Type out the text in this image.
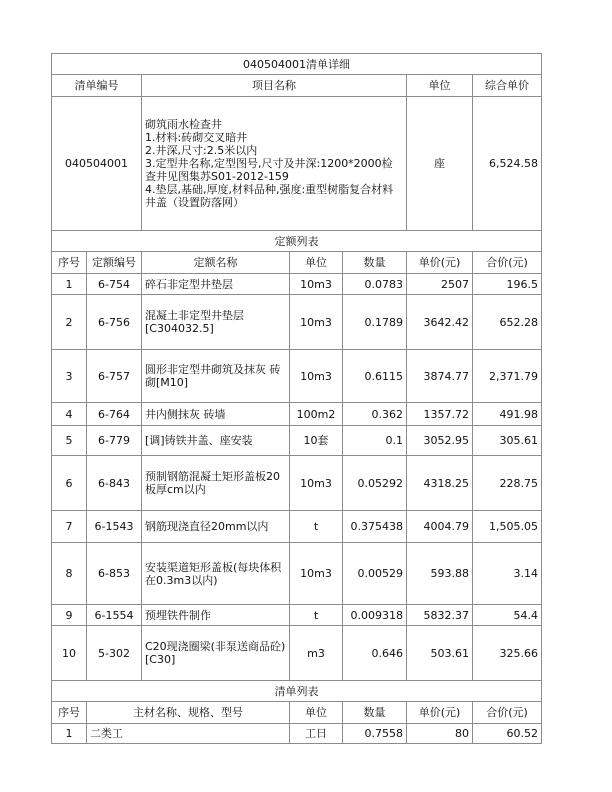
040504001清单详细						
清单编号		项目名称			单位	综合单价
040504001		砌筑雨水检查井
1.材料:砖砌交叉暗井
2.井深,尺寸:2.5米以内
3.定型井名称,定型图号,尺寸及井深:1200*2000检查井见图集苏S01-2012-159
4.垫层,基础,厚度,材料品种,强度:重型树脂复合材料井盖（设置防落网）			座	6,524.58
定额列表						
序号	定额编号	定额名称	单位	数量	单价(元)	合价(元)
1	6-754	碎石非定型井垫层	10m3	0.0783	2507	196.5
2	6-756	混凝土非定型井垫层[C304032.5]	10m3	0.1789	3642.42	652.28
3	6-757	圆形非定型井砌筑及抹灰 砖砌[M10]	10m3	0.6115	3874.77	2,371.79
4	6-764	井内侧抹灰 砖墙	100m2	0.362	1357.72	491.98
5	6-779	[调]铸铁井盖、座安装	10套	0.1	3052.95	305.61
6	6-843	预制钢筋混凝土矩形盖板20板厚cm以内	10m3	0.05292	4318.25	228.75
7	6-1543	钢筋现浇直径20mm以内	t	0.375438	4004.79	1,505.05
8	6-853	安装渠道矩形盖板(每块体积在0.3m3以内)	10m3	0.00529	593.88	3.14
9	6-1554	预埋铁件制作	t	0.009318	5832.37	54.4
10	5-302	C20现浇圈梁(非泵送商品砼)[C30]	m3	0.646	503.61	325.66
清单列表						
序号	主材名称、规格、型号		单位	数量	单价(元)	合价(元)
1	二类工		工日	0.7558	80	60.52
